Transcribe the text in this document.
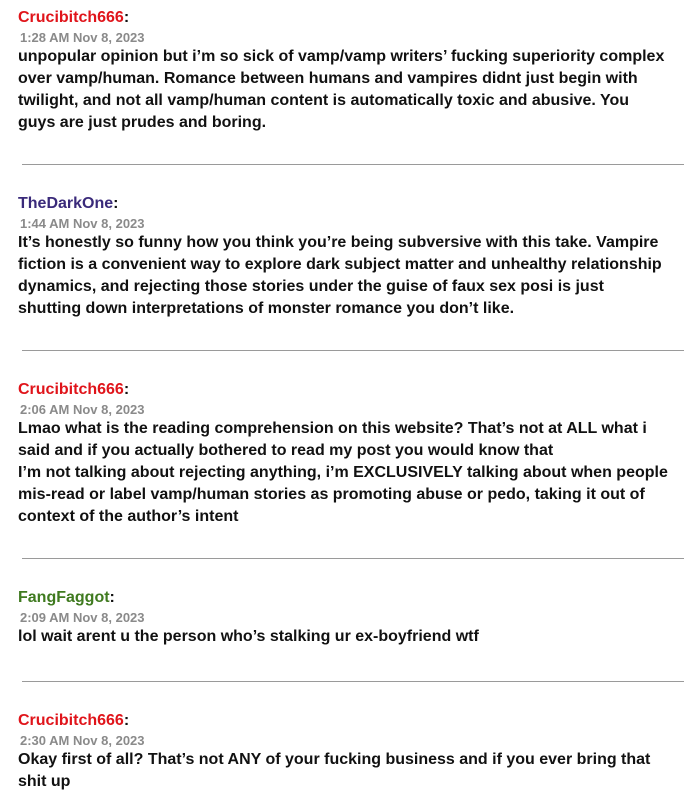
Crucibitch666:
1:28 AM Nov 8, 2023

unpopular opinion but i’m so sick of vamp/vamp writers’ fucking superiority complex over vamp/human. Romance between humans and vampires didnt just begin with twilight, and not all vamp/human content is automatically toxic and abusive. You guys are just prudes and boring.

TheDarkOne:
1:44 AM Nov 8, 2023

It’s honestly so funny how you think you’re being subversive with this take. Vampire fiction is a convenient way to explore dark subject matter and unhealthy relationship dynamics, and rejecting those stories under the guise of faux sex posi is just shutting down interpretations of monster romance you don’t like.

Crucibitch666:
2:06 AM Nov 8, 2023

Lmao what is the reading comprehension on this website? That’s not at ALL what i said and if you actually bothered to read my post you would know that
I’m not talking about rejecting anything, i’m EXCLUSIVELY talking about when people mis-read or label vamp/human stories as promoting abuse or pedo, taking it out of context of the author’s intent

FangFaggot:
2:09 AM Nov 8, 2023

lol wait arent u the person who’s stalking ur ex-boyfriend wtf

Crucibitch666:
2:30 AM Nov 8, 2023

Okay first of all? That’s not ANY of your fucking business and if you ever bring that shit up
